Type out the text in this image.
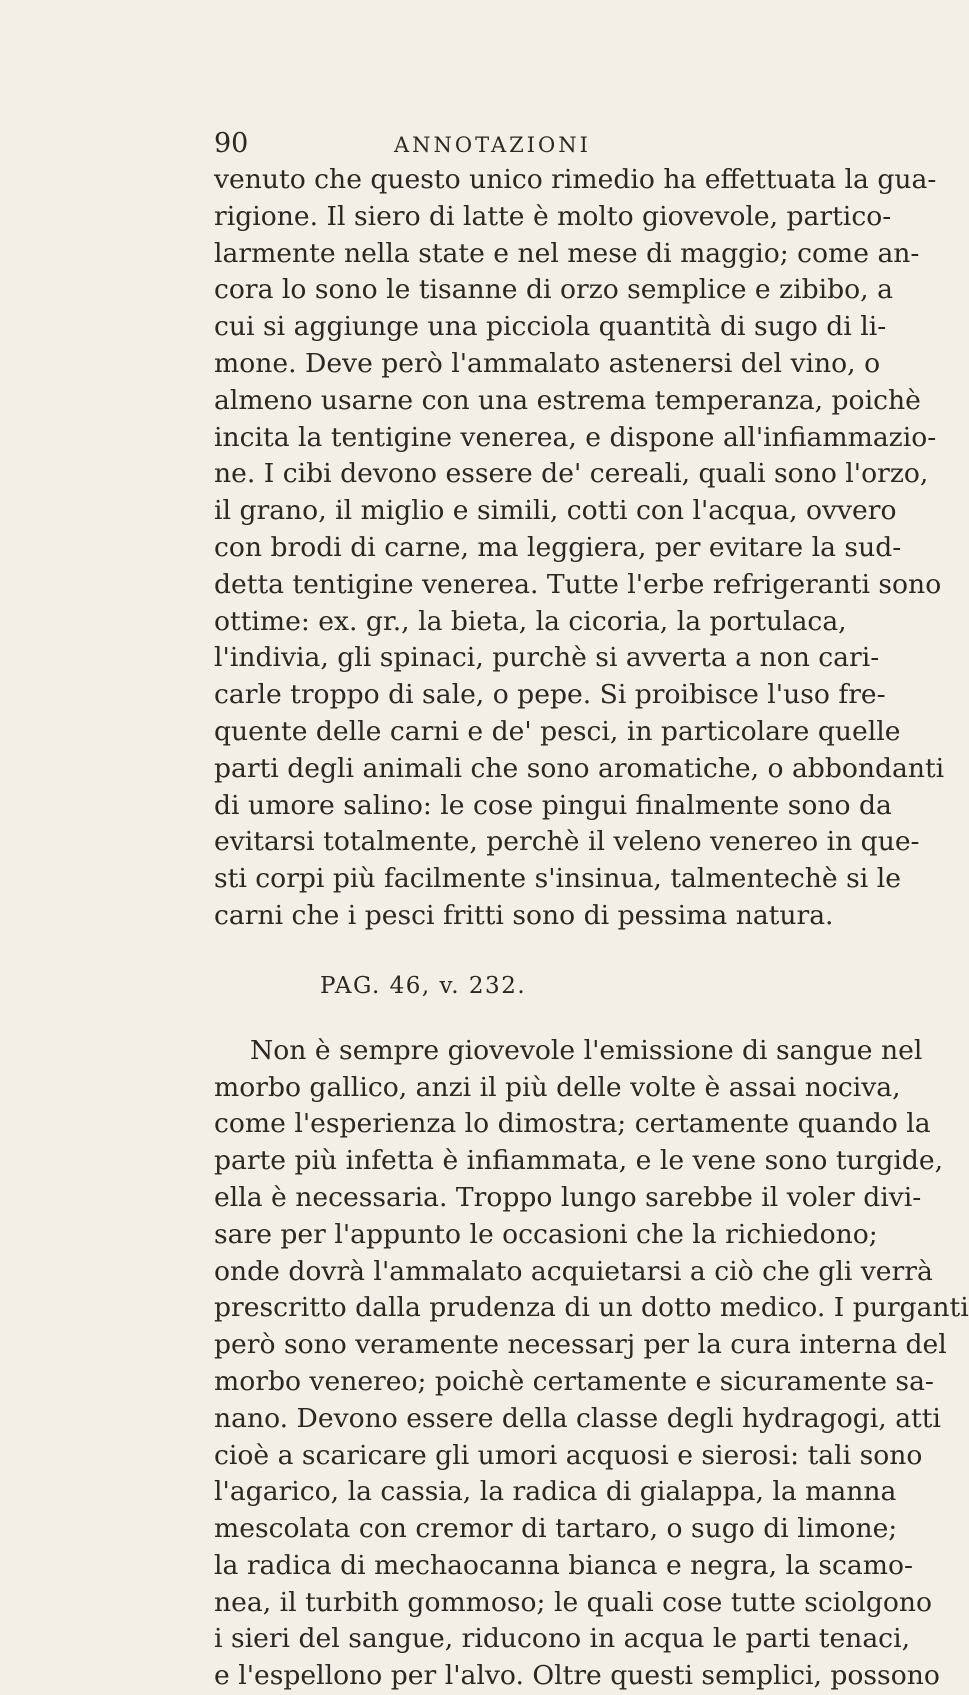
90	ANNOTAZIONI

venuto che questo unico rimedio ha effettuata la gua-
rigione. Il siero di latte è molto giovevole, partico-
larmente nella state e nel mese di maggio; come an-
cora lo sono le tisanne di orzo semplice e zibibo, a
cui si aggiunge una picciola quantità di sugo di li-
mone. Deve però l'ammalato astenersi del vino, o
almeno usarne con una estrema temperanza, poichè
incita la tentigine venerea, e dispone all'infiammazio-
ne. I cibi devono essere de' cereali, quali sono l'orzo,
il grano, il miglio e simili, cotti con l'acqua, ovvero
con brodi di carne, ma leggiera, per evitare la sud-
detta tentigine venerea. Tutte l'erbe refrigeranti sono
ottime: ex. gr., la bieta, la cicoria, la portulaca,
l'indivia, gli spinaci, purchè si avverta a non cari-
carle troppo di sale, o pepe. Si proibisce l'uso fre-
quente delle carni e de' pesci, in particolare quelle
parti degli animali che sono aromatiche, o abbondanti
di umore salino: le cose pingui finalmente sono da
evitarsi totalmente, perchè il veleno venereo in que-
sti corpi più facilmente s'insinua, talmentechè si le
carni che i pesci fritti sono di pessima natura.

PAG. 46, v. 232.

Non è sempre giovevole l'emissione di sangue nel
morbo gallico, anzi il più delle volte è assai nociva,
come l'esperienza lo dimostra; certamente quando la
parte più infetta è infiammata, e le vene sono turgide,
ella è necessaria. Troppo lungo sarebbe il voler divi-
sare per l'appunto le occasioni che la richiedono;
onde dovrà l'ammalato acquietarsi a ciò che gli verrà
prescritto dalla prudenza di un dotto medico. I purganti
però sono veramente necessarj per la cura interna del
morbo venereo; poichè certamente e sicuramente sa-
nano. Devono essere della classe degli hydragogi, atti
cioè a scaricare gli umori acquosi e sierosi: tali sono
l'agarico, la cassia, la radica di gialappa, la manna
mescolata con cremor di tartaro, o sugo di limone;
la radica di mechaocanna bianca e negra, la scamo-
nea, il turbith gommoso; le quali cose tutte sciolgono
i sieri del sangue, riducono in acqua le parti tenaci,
e l'espellono per l'alvo. Oltre questi semplici, possono
